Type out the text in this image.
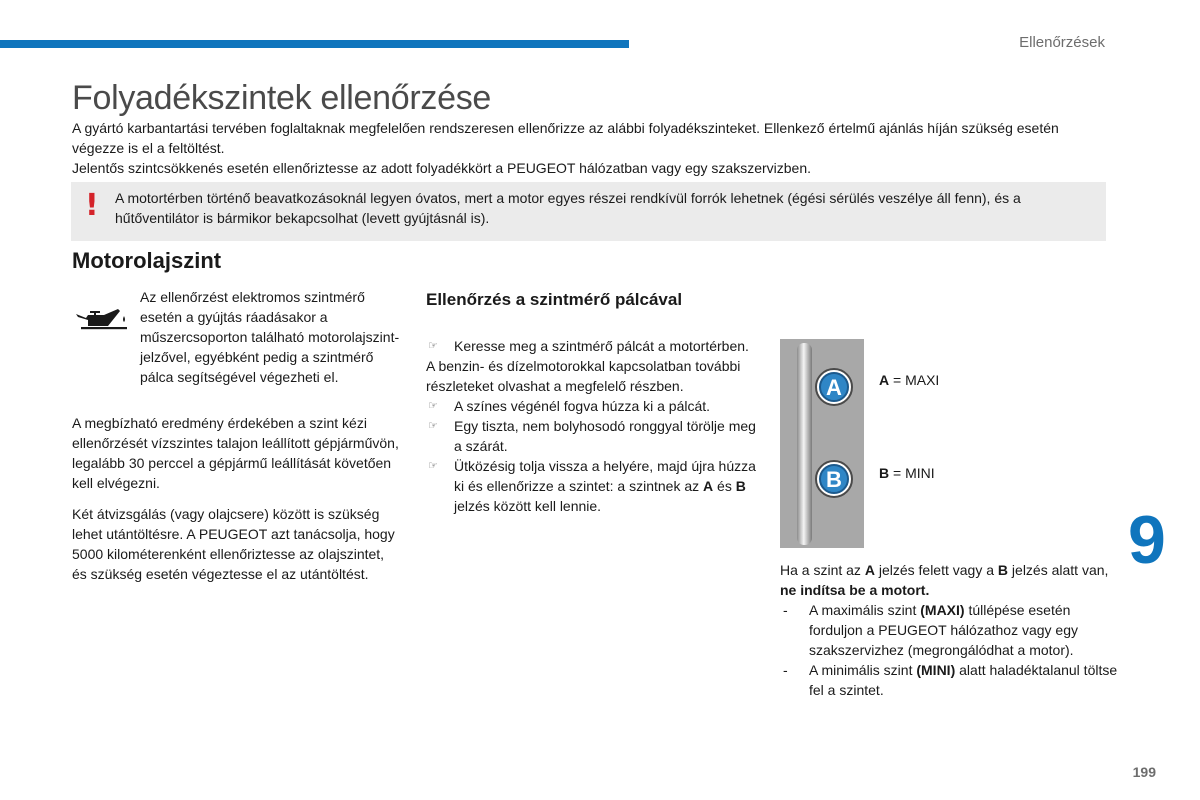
Ellenőrzések
Folyadékszintek ellenőrzése

A gyártó karbantartási tervében foglaltaknak megfelelően rendszeresen ellenőrizze az alábbi folyadékszinteket. Ellenkező értelmű ajánlás híján szükség esetén végezze is el a feltöltést.

Jelentős szintcsökkenés esetén ellenőriztesse az adott folyadékkört a PEUGEOT hálózatban vagy egy szakszervizben.

! A motortérben történő beavatkozásoknál legyen óvatos, mert a motor egyes részei rendkívül forrók lehetnek (égési sérülés veszélye áll fenn), és a hűtőventilátor is bármikor bekapcsolhat (levett gyújtásnál is).
Motorolajszint
Az ellenőrzést elektromos szintmérő esetén a gyújtás ráadásakor a műszercsoporton található motorolajszint-jelzővel, egyébként pedig a szintmérő pálca segítségével végezheti el.
A megbízható eredmény érdekében a szint kézi ellenőrzését vízszintes talajon leállított gépjárművön, legalább 30 perccel a gépjármű leállítását követően kell elvégezni.
Két átvizsgálás (vagy olajcsere) között is szükség lehet utántöltésre. A PEUGEOT azt tanácsolja, hogy 5000 kilométerenként ellenőriztesse az olajszintet, és szükség esetén végeztesse el az utántöltést.
Ellenőrzés a szintmérő pálcával
☞ Keresse meg a szintmérő pálcát a motortérben.
A benzin- és dízelmotorokkal kapcsolatban további részleteket olvashat a megfelelő részben.
☞ A színes végénél fogva húzza ki a pálcát.
☞ Egy tiszta, nem bolyhosodó ronggyal törölje meg a szárát.
☞ Ütközésig tolja vissza a helyére, majd újra húzza ki és ellenőrizze a szintet: a szintnek az A és B jelzés között kell lennie.
A
B
A = MAXI
B = MINI
Ha a szint az A jelzés felett vagy a B jelzés alatt van, ne indítsa be a motort.
- A maximális szint (MAXI) túllépése esetén forduljon a PEUGEOT hálózathoz vagy egy szakszervizhez (megrongálódhat a motor).
- A minimális szint (MINI) alatt haladéktalanul töltse fel a szintet.
9
199
